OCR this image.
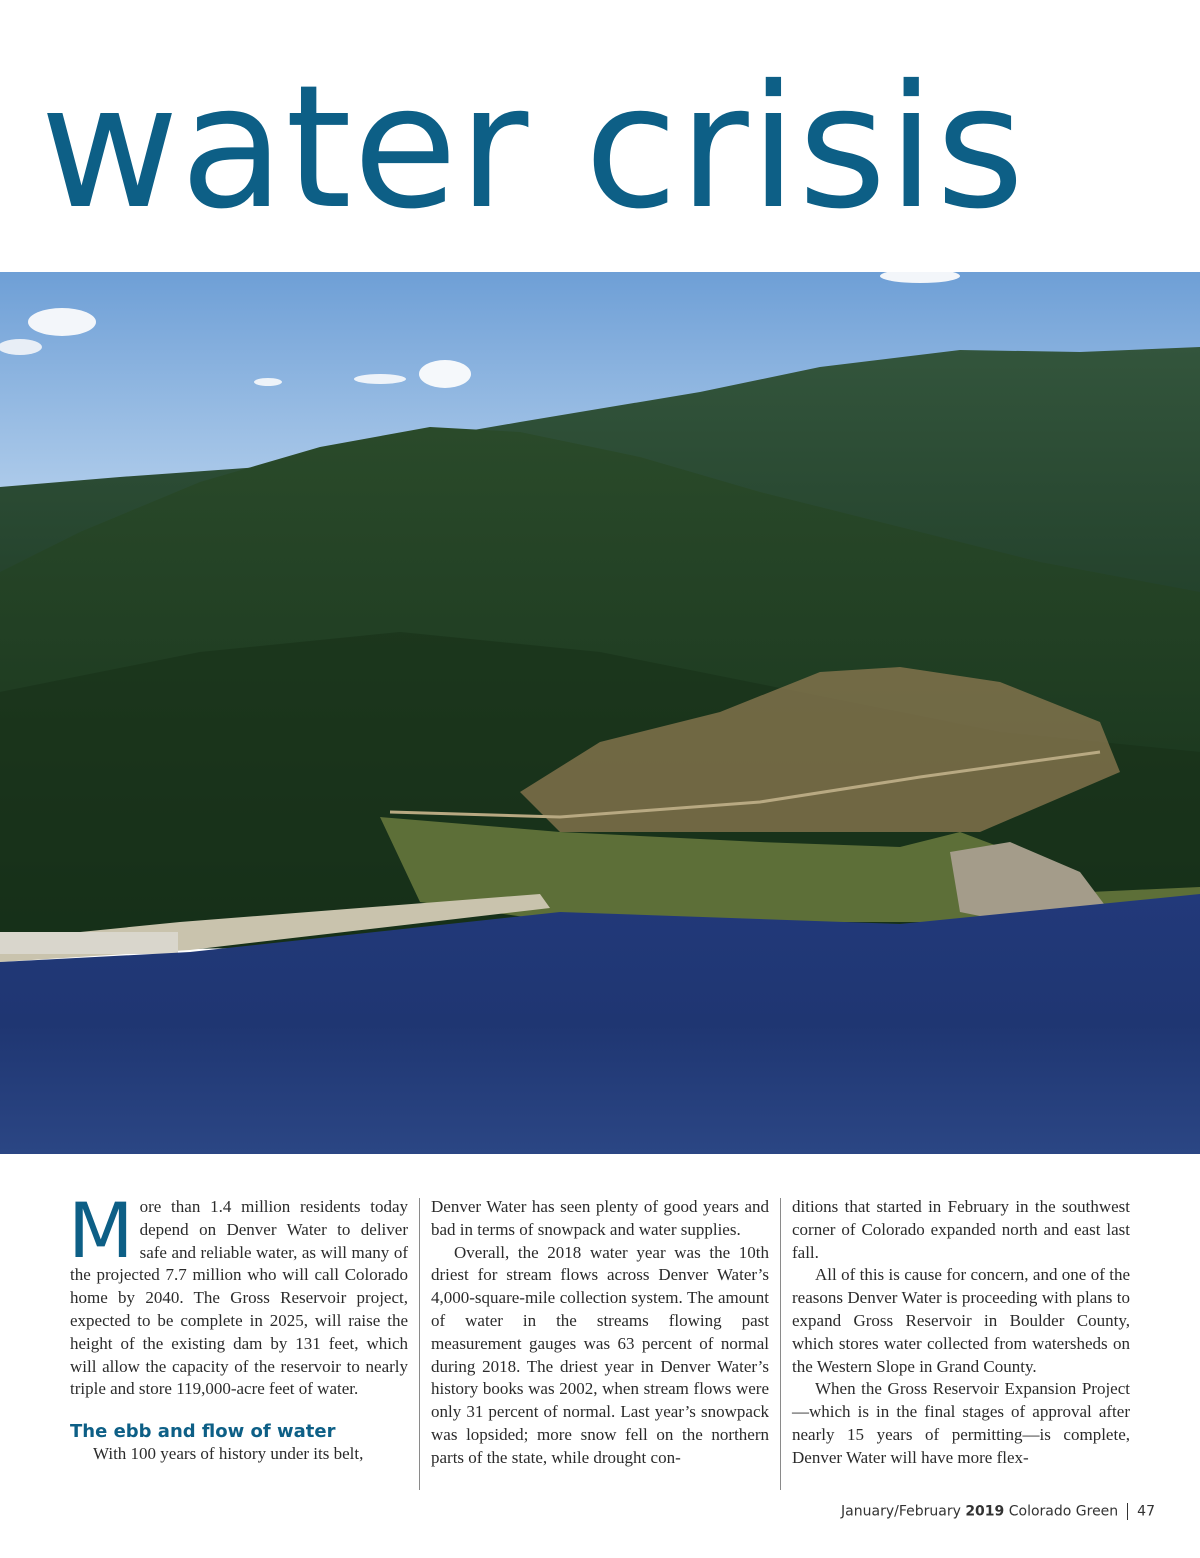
water crisis

M ore than 1.4 million residents today depend on Denver Water to deliver safe and reliable water, as will many of the projected 7.7 million who will call Colorado home by 2040. The Gross Reservoir project, expected to be complete in 2025, will raise the height of the existing dam by 131 feet, which will allow the capacity of the reservoir to nearly triple and store 119,000-acre feet of water.

The ebb and flow of water

With 100 years of history under its belt,

Denver Water has seen plenty of good years and bad in terms of snowpack and water supplies.

Overall, the 2018 water year was the 10th driest for stream flows across Denver Water’s 4,000-square-mile collection system. The amount of water in the streams flowing past measurement gauges was 63 percent of normal during 2018. The driest year in Denver Water’s history books was 2002, when stream flows were only 31 percent of normal. Last year’s snowpack was lopsided; more snow fell on the northern parts of the state, while drought con-

ditions that started in February in the southwest corner of Colorado expanded north and east last fall.

All of this is cause for concern, and one of the reasons Denver Water is proceeding with plans to expand Gross Reservoir in Boulder County, which stores water collected from watersheds on the Western Slope in Grand County.

When the Gross Reservoir Expansion Project—which is in the final stages of approval after nearly 15 years of permitting—is complete, Denver Water will have more flex-

January/February 2019 Colorado Green 47
